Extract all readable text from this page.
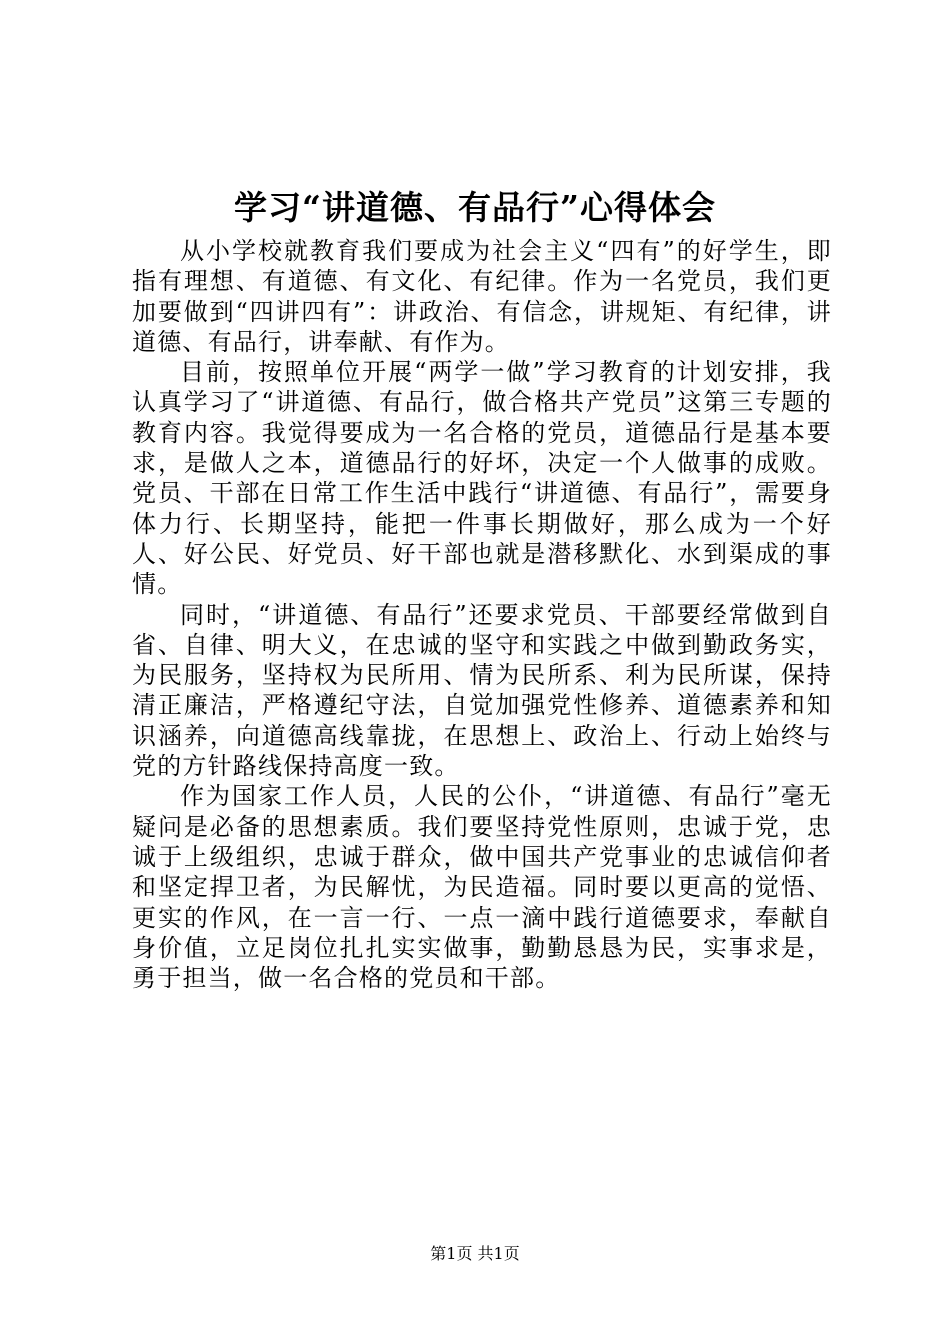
学习“讲道德、有品行”心得体会

从小学校就教育我们要成为社会主义“四有”的好学生，即指有理想、有道德、有文化、有纪律。作为一名党员，我们更加要做到“四讲四有”：讲政治、有信念，讲规矩、有纪律，讲道德、有品行，讲奉献、有作为。

目前，按照单位开展“两学一做”学习教育的计划安排，我认真学习了“讲道德、有品行，做合格共产党员”这第三专题的教育内容。我觉得要成为一名合格的党员，道德品行是基本要求，是做人之本，道德品行的好坏，决定一个人做事的成败。党员、干部在日常工作生活中践行“讲道德、有品行”，需要身体力行、长期坚持，能把一件事长期做好，那么成为一个好人、好公民、好党员、好干部也就是潜移默化、水到渠成的事情。

同时，“讲道德、有品行”还要求党员、干部要经常做到自省、自律、明大义，在忠诚的坚守和实践之中做到勤政务实，为民服务，坚持权为民所用、情为民所系、利为民所谋，保持清正廉洁，严格遵纪守法，自觉加强党性修养、道德素养和知识涵养，向道德高线靠拢，在思想上、政治上、行动上始终与党的方针路线保持高度一致。

作为国家工作人员，人民的公仆，“讲道德、有品行”毫无疑问是必备的思想素质。我们要坚持党性原则，忠诚于党，忠诚于上级组织，忠诚于群众，做中国共产党事业的忠诚信仰者和坚定捍卫者，为民解忧，为民造福。同时要以更高的觉悟、更实的作风，在一言一行、一点一滴中践行道德要求，奉献自身价值，立足岗位扎扎实实做事，勤勤恳恳为民，实事求是，勇于担当，做一名合格的党员和干部。

第1页 共1页
